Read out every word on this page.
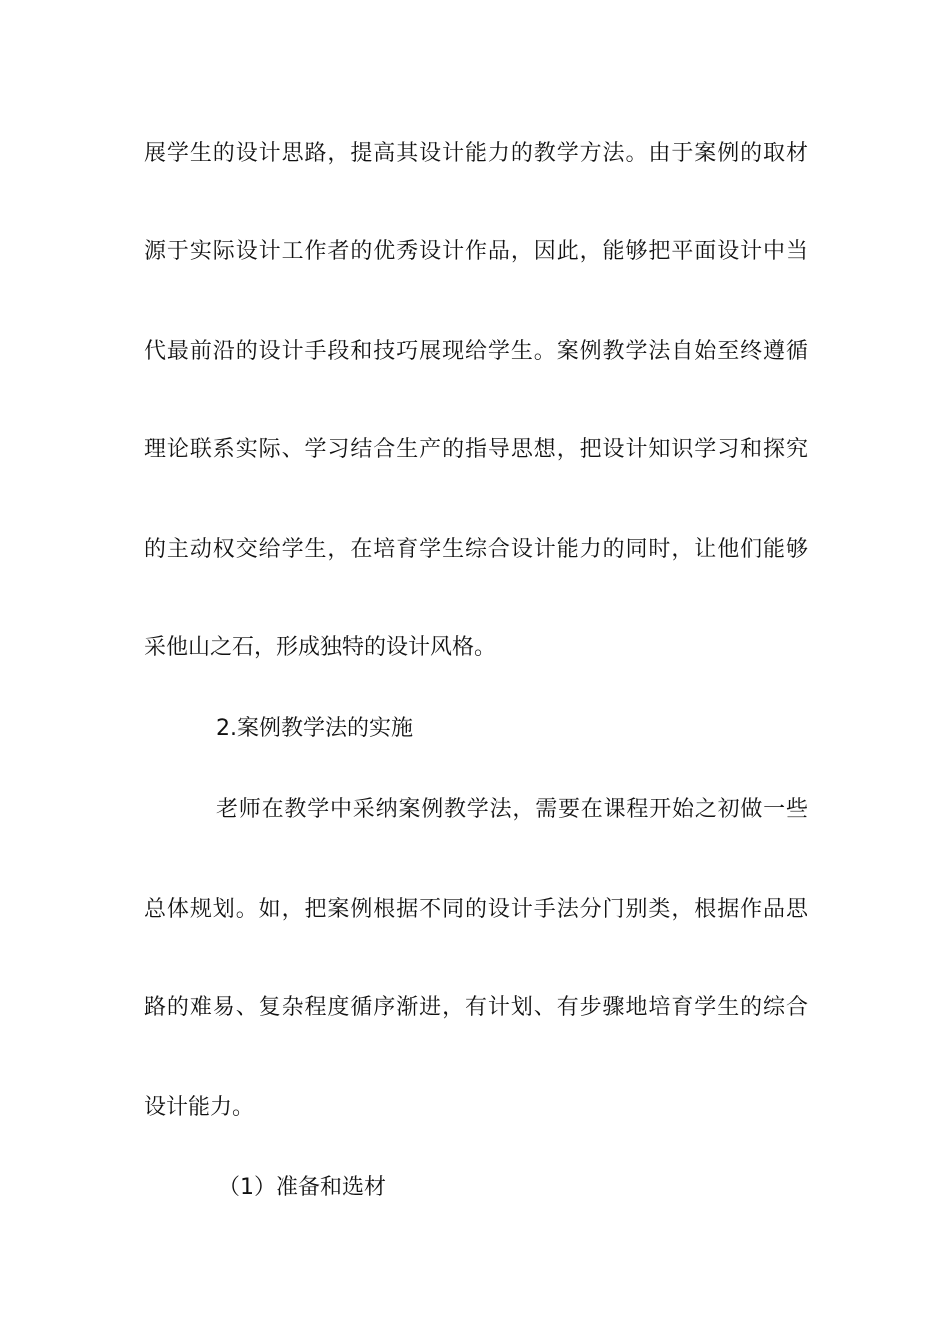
展学生的设计思路，提高其设计能力的教学方法。由于案例的取材
源于实际设计工作者的优秀设计作品，因此，能够把平面设计中当
代最前沿的设计手段和技巧展现给学生。案例教学法自始至终遵循
理论联系实际、学习结合生产的指导思想，把设计知识学习和探究
的主动权交给学生，在培育学生综合设计能力的同时，让他们能够
采他山之石，形成独特的设计风格。
2.案例教学法的实施
老师在教学中采纳案例教学法，需要在课程开始之初做一些
总体规划。如，把案例根据不同的设计手法分门别类，根据作品思
路的难易、复杂程度循序渐进，有计划、有步骤地培育学生的综合
设计能力。
（1）准备和选材
